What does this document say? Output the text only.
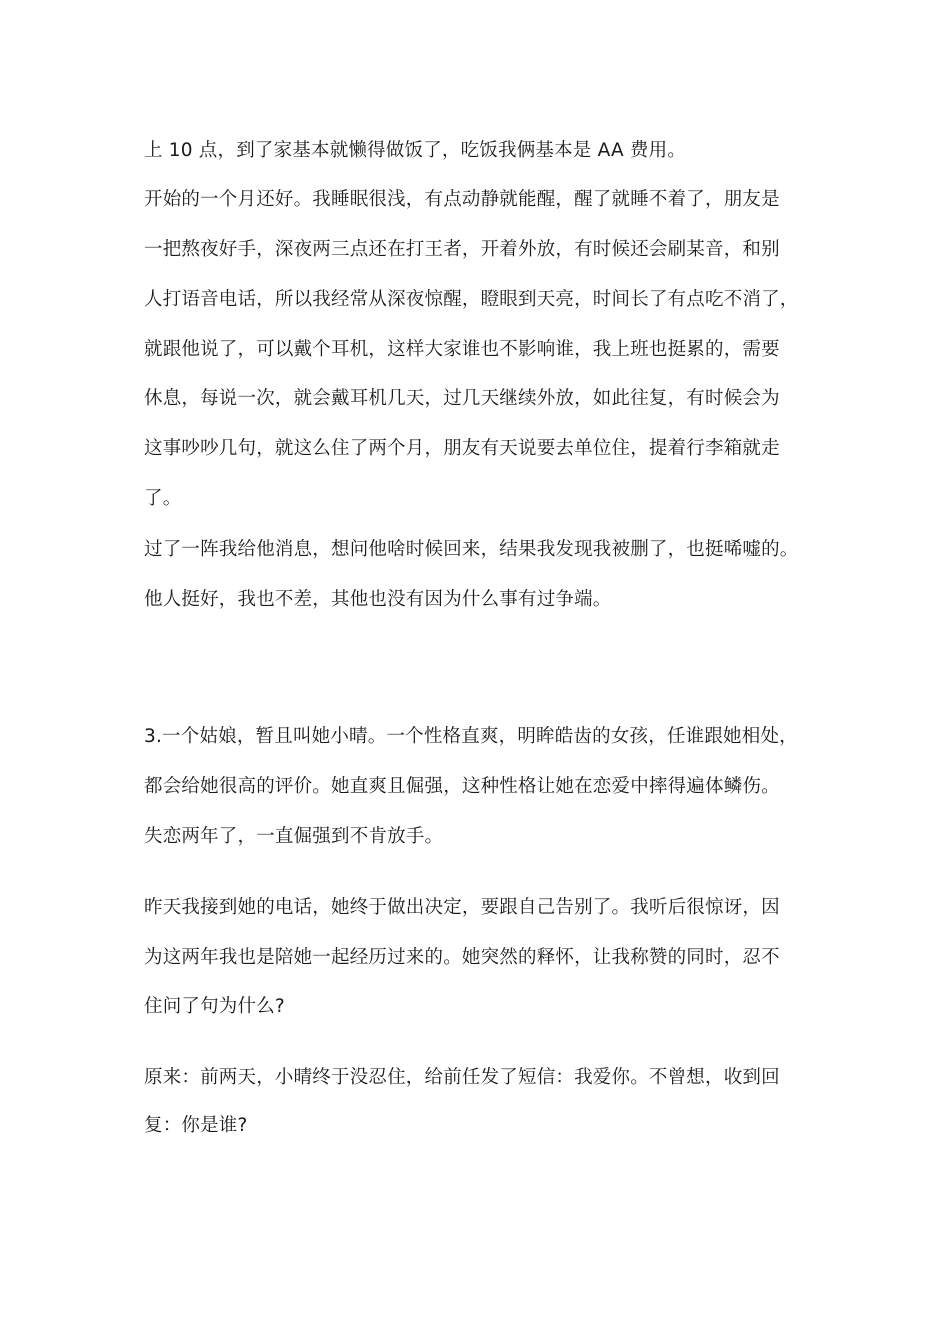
上 10 点，到了家基本就懒得做饭了，吃饭我俩基本是 AA 费用。
开始的一个月还好。我睡眠很浅，有点动静就能醒，醒了就睡不着了，朋友是
一把熬夜好手，深夜两三点还在打王者，开着外放，有时候还会刷某音，和别
人打语音电话，所以我经常从深夜惊醒，瞪眼到天亮，时间长了有点吃不消了，
就跟他说了，可以戴个耳机，这样大家谁也不影响谁，我上班也挺累的，需要
休息，每说一次，就会戴耳机几天，过几天继续外放，如此往复，有时候会为
这事吵吵几句，就这么住了两个月，朋友有天说要去单位住，提着行李箱就走
了。
过了一阵我给他消息，想问他啥时候回来，结果我发现我被删了，也挺唏嘘的。
他人挺好，我也不差，其他也没有因为什么事有过争端。
3.一个姑娘，暂且叫她小晴。一个性格直爽，明眸皓齿的女孩，任谁跟她相处，
都会给她很高的评价。她直爽且倔强，这种性格让她在恋爱中摔得遍体鳞伤。
失恋两年了，一直倔强到不肯放手。
昨天我接到她的电话，她终于做出决定，要跟自己告别了。我听后很惊讶，因
为这两年我也是陪她一起经历过来的。她突然的释怀，让我称赞的同时，忍不
住问了句为什么?
原来：前两天，小晴终于没忍住，给前任发了短信：我爱你。不曾想，收到回
复：你是谁?
